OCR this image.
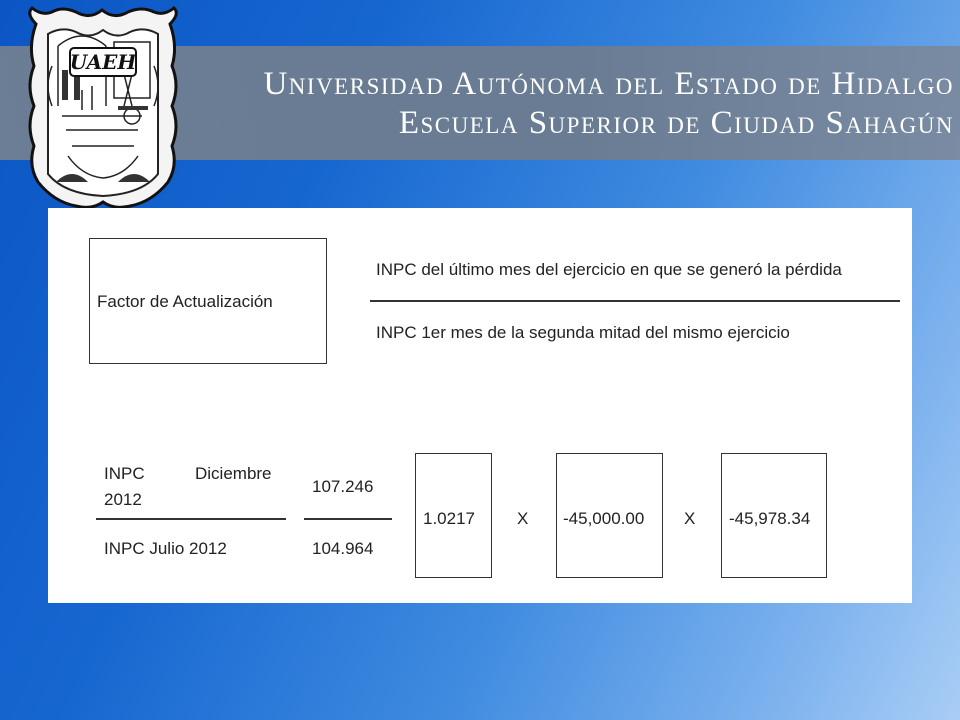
Universidad Autónoma del Estado de Hidalgo
Escuela Superior de Ciudad Sahagún
UAEH
Factor de Actualización
INPC del último mes del ejercicio en que se generó la pérdida
INPC 1er mes de la segunda mitad del mismo ejercicio
INPC	Diciembre
2012
INPC Julio 2012
107.246
104.964
1.0217 X -45,000.00 X -45,978.34
